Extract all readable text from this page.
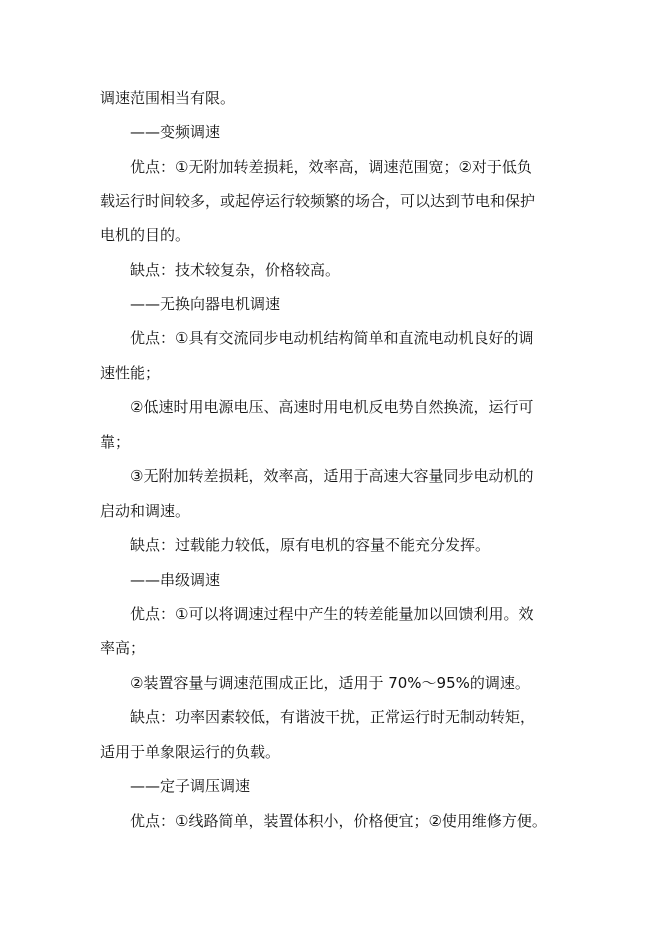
调速范围相当有限。
——变频调速
优点：①无附加转差损耗，效率高，调速范围宽；②对于低负
载运行时间较多，或起停运行较频繁的场合，可以达到节电和保护
电机的目的。
缺点：技术较复杂，价格较高。
——无换向器电机调速
优点：①具有交流同步电动机结构简单和直流电动机良好的调
速性能；
②低速时用电源电压、高速时用电机反电势自然换流，运行可
靠；
③无附加转差损耗，效率高，适用于高速大容量同步电动机的
启动和调速。
缺点：过载能力较低，原有电机的容量不能充分发挥。
——串级调速
优点：①可以将调速过程中产生的转差能量加以回馈利用。效
率高；
②装置容量与调速范围成正比，适用于 70%～95%的调速。
缺点：功率因素较低，有谐波干扰，正常运行时无制动转矩，
适用于单象限运行的负载。
——定子调压调速
优点：①线路简单，装置体积小，价格便宜；②使用维修方便。
